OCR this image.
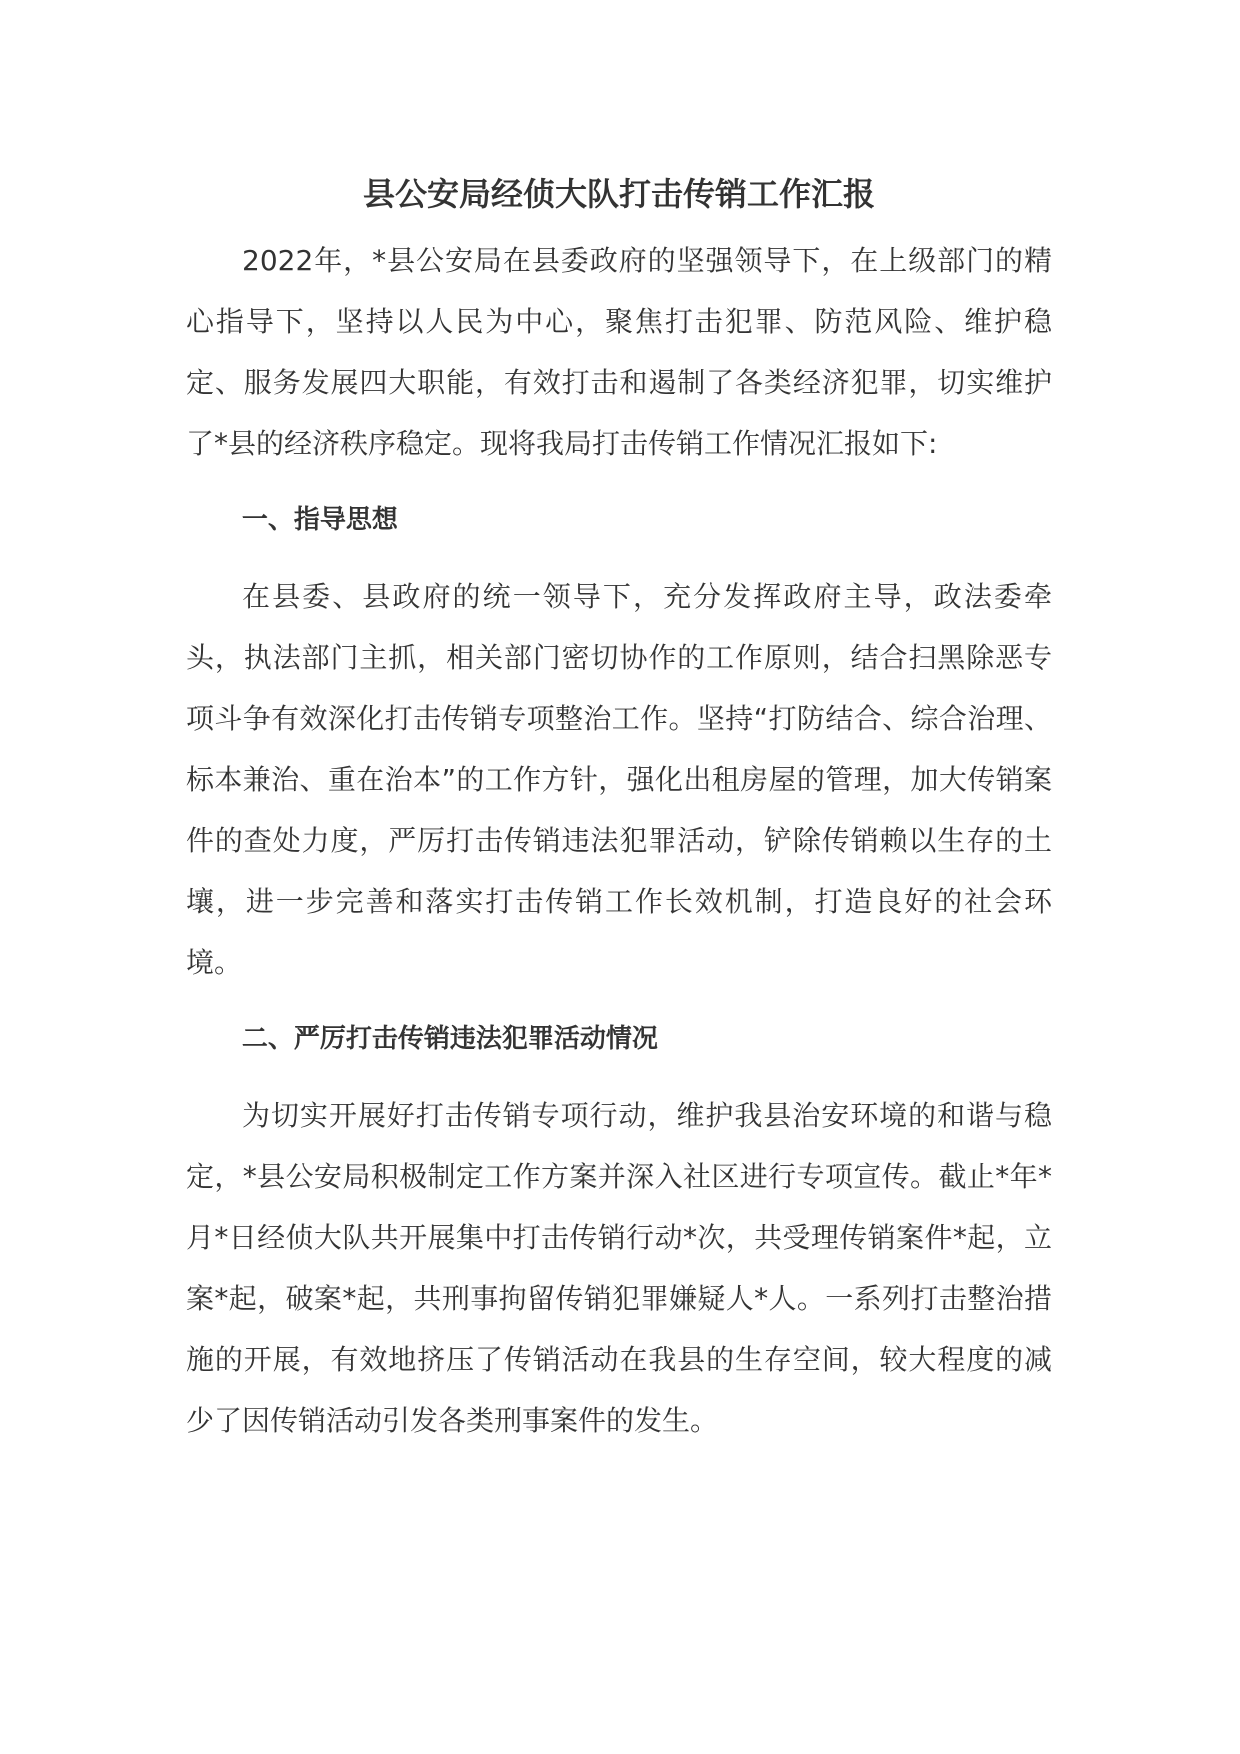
县公安局经侦大队打击传销工作汇报

2022年，*县公安局在县委政府的坚强领导下，在上级部门的精心指导下，坚持以人民为中心，聚焦打击犯罪、防范风险、维护稳定、服务发展四大职能，有效打击和遏制了各类经济犯罪，切实维护了*县的经济秩序稳定。现将我局打击传销工作情况汇报如下:

一、指导思想

在县委、县政府的统一领导下，充分发挥政府主导，政法委牵头，执法部门主抓，相关部门密切协作的工作原则，结合扫黑除恶专项斗争有效深化打击传销专项整治工作。坚持“打防结合、综合治理、标本兼治、重在治本”的工作方针，强化出租房屋的管理，加大传销案件的查处力度，严厉打击传销违法犯罪活动，铲除传销赖以生存的土壤，进一步完善和落实打击传销工作长效机制，打造良好的社会环境。

二、严厉打击传销违法犯罪活动情况

为切实开展好打击传销专项行动，维护我县治安环境的和谐与稳定，*县公安局积极制定工作方案并深入社区进行专项宣传。截止*年*月*日经侦大队共开展集中打击传销行动*次，共受理传销案件*起，立案*起，破案*起，共刑事拘留传销犯罪嫌疑人*人。一系列打击整治措施的开展，有效地挤压了传销活动在我县的生存空间，较大程度的减少了因传销活动引发各类刑事案件的发生。
